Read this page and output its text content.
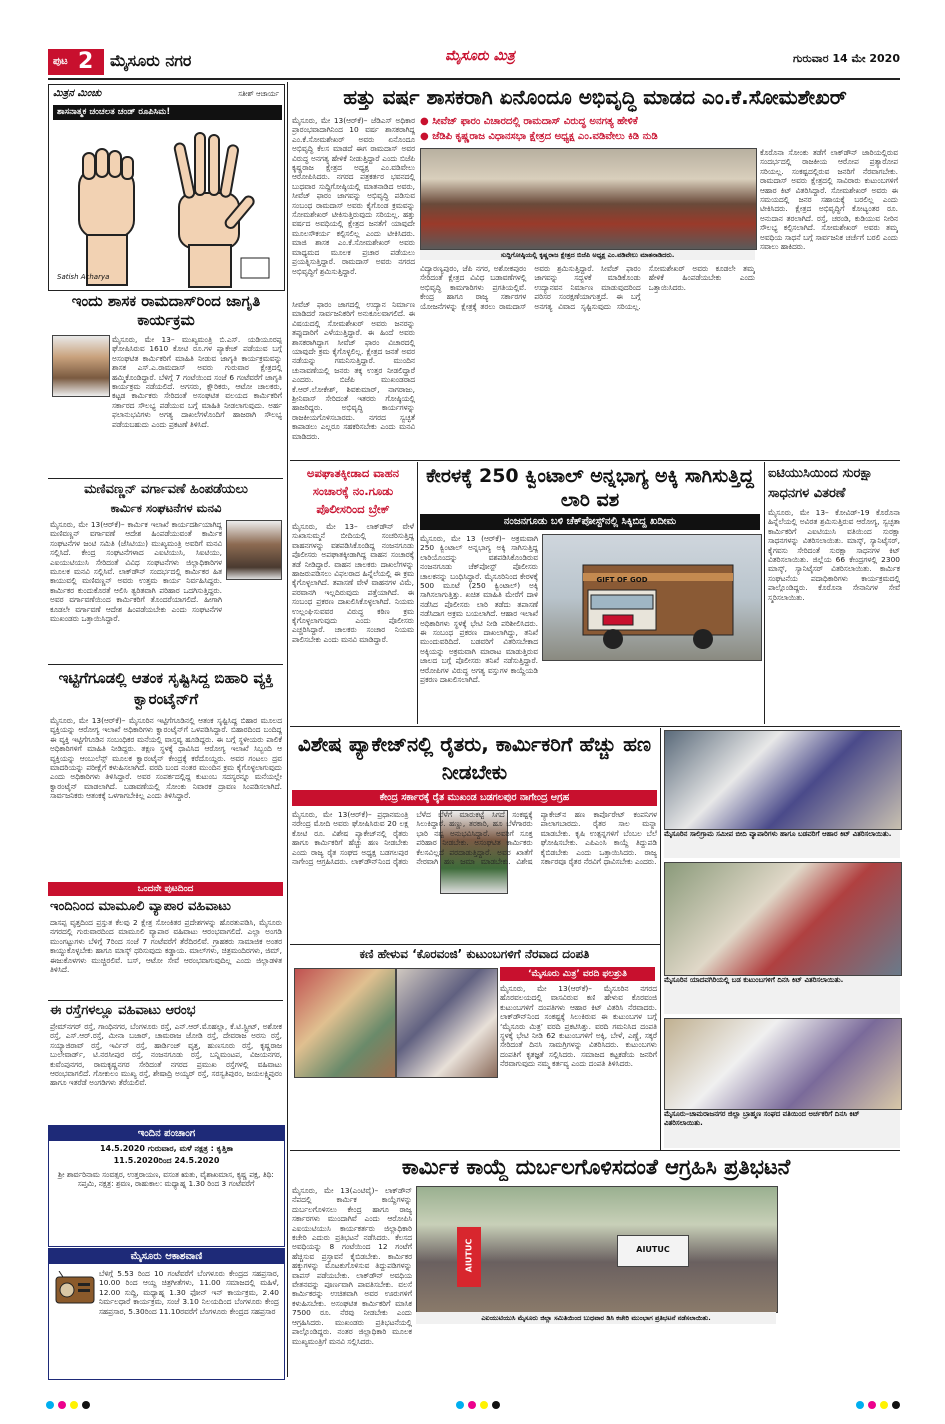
ಪುಟ 2 ಮೈಸೂರು ನಗರ	ಮೈಸೂರು ಮಿತ್ರ	ಗುರುವಾರ 14 ಮೇ 2020
ಮಿತ್ರನ ಮಿಂಚು	ಸತೀಶ್ ಆಚಾರ್ಯ
ಶಾಸನಾತ್ಮಕ ಚಂಚಲತ ಚಂಡ್ ರೂಪಿಸಿಮ!
Satish Acharya
ಇಂದು ಶಾಸಕ ರಾಮದಾಸ್‌ರಿಂದ ಜಾಗೃತಿ ಕಾರ್ಯಕ್ರಮ
ಮೈಸೂರು, ಮೇ 13– ಮುಖ್ಯಮಂತ್ರಿ ಬಿ.ಎಸ್. ಯಡಿಯೂರಪ್ಪ ಘೋಷಿಸಿರುವ 1610 ಕೋಟಿ ರೂ.ಗಳ ಪ್ಯಾಕೇಜ್ ಪಡೆಯುವ ಬಗ್ಗೆ ಅಸಂಘಟಿತ ಕಾರ್ಮಿಕರಿಗೆ ಮಾಹಿತಿ ನೀಡುವ ಜಾಗೃತಿ ಕಾರ್ಯಕ್ರಮವನ್ನು ಶಾಸಕ ಎಸ್.ಎ.ರಾಮದಾಸ್ ಅವರು ಗುರುವಾರ ಕ್ಷೇತ್ರದಲ್ಲಿ ಹಮ್ಮಿಕೊಂಡಿದ್ದಾರೆ. ಬೆಳಿಗ್ಗೆ 7 ಗಂಟೆಯಿಂದ ಸಂಜೆ 6 ಗಂಟೆವರೆಗೆ ಜಾಗೃತಿ ಕಾರ್ಯಕ್ರಮ ನಡೆಯಲಿದೆ. ಅಗಸರು, ಕ್ಷೌರಿಕರು, ಆಟೋ ಚಾಲಕರು, ಕಟ್ಟಡ ಕಾರ್ಮಿಕರು ಸೇರಿದಂತೆ ಅಸಂಘಟಿತ ವಲಯದ ಕಾರ್ಮಿಕರಿಗೆ ಸರ್ಕಾರದ ಸೌಲಭ್ಯ ಪಡೆಯುವ ಬಗ್ಗೆ ಮಾಹಿತಿ ನೀಡಲಾಗುವುದು. ಅರ್ಹ ಫಲಾನುಭವಿಗಳು ಅಗತ್ಯ ದಾಖಲೆಗಳೊಂದಿಗೆ ಹಾಜರಾಗಿ ಸೌಲಭ್ಯ ಪಡೆಯಬಹುದು ಎಂದು ಪ್ರಕಟಣೆ ತಿಳಿಸಿದೆ.
ಮಣಿವಣ್ಣನ್ ವರ್ಗಾವಣೆ ಹಿಂಪಡೆಯಲು
ಕಾರ್ಮಿಕ ಸಂಘಟನೆಗಳ ಮನವಿ
ಮೈಸೂರು, ಮೇ 13(ಆರ್‌ಕೆ)– ಕಾರ್ಮಿಕ ಇಲಾಖೆ ಕಾರ್ಯದರ್ಶಿಯಾಗಿದ್ದ ಮಣಿವಣ್ಣನ್ ವರ್ಗಾವಣೆ ಆದೇಶ ಹಿಂಪಡೆಯುವಂತೆ ಕಾರ್ಮಿಕ ಸಂಘಟನೆಗಳ ಜಂಟಿ ಸಮಿತಿ (ಜೆಸಿಟಿಯು) ಮುಖ್ಯಮಂತ್ರಿ ಅವರಿಗೆ ಮನವಿ ಸಲ್ಲಿಸಿದೆ. ಕೇಂದ್ರ ಸಂಘಟನೆಗಳಾದ ಎಐಟಿಯುಸಿ, ಸಿಐಟಿಯು, ಎಐಯುಟಿಯುಸಿ ಸೇರಿದಂತೆ ವಿವಿಧ ಸಂಘಟನೆಗಳು ಜಿಲ್ಲಾಧಿಕಾರಿಗಳ ಮೂಲಕ ಮನವಿ ಸಲ್ಲಿಸಿವೆ. ಲಾಕ್‌ಡೌನ್ ಸಂದರ್ಭದಲ್ಲಿ ಕಾರ್ಮಿಕರ ಹಿತ ಕಾಯುವಲ್ಲಿ ಮಣಿವಣ್ಣನ್ ಅವರು ಉತ್ತಮ ಕಾರ್ಯ ನಿರ್ವಹಿಸಿದ್ದರು. ಕಾರ್ಮಿಕರ ಕುಂದುಕೊರತೆ ಆಲಿಸಿ ತ್ವರಿತವಾಗಿ ಪರಿಹಾರ ಒದಗಿಸುತ್ತಿದ್ದರು. ಅವರ ವರ್ಗಾವಣೆಯಿಂದ ಕಾರ್ಮಿಕರಿಗೆ ತೊಂದರೆಯಾಗಲಿದೆ. ಹೀಗಾಗಿ ಕೂಡಲೇ ವರ್ಗಾವಣೆ ಆದೇಶ ಹಿಂಪಡೆಯಬೇಕು ಎಂದು ಸಂಘಟನೆಗಳ ಮುಖಂಡರು ಒತ್ತಾಯಿಸಿದ್ದಾರೆ.
ಇಟ್ಟಿಗೆಗೂಡಲ್ಲಿ ಆತಂಕ ಸೃಷ್ಟಿಸಿದ್ದ ಬಿಹಾರಿ ವ್ಯಕ್ತಿ ಕ್ವಾರಂಟೈನ್‌ಗೆ
ಮೈಸೂರು, ಮೇ 13(ಆರ್‌ಕೆ)– ಮೈಸೂರಿನ ಇಟ್ಟಿಗೆಗೂಡಿನಲ್ಲಿ ಆತಂಕ ಸೃಷ್ಟಿಸಿದ್ದ ಬಿಹಾರ ಮೂಲದ ವ್ಯಕ್ತಿಯನ್ನು ಆರೋಗ್ಯ ಇಲಾಖೆ ಅಧಿಕಾರಿಗಳು ಕ್ವಾರಂಟೈನ್‌ಗೆ ಒಳಪಡಿಸಿದ್ದಾರೆ. ಬಿಹಾರದಿಂದ ಬಂದಿದ್ದ ಈ ವ್ಯಕ್ತಿ ಇಟ್ಟಿಗೆಗೂಡಿನ ಸಂಬಂಧಿಕರ ಮನೆಯಲ್ಲಿ ವಾಸ್ತವ್ಯ ಹೂಡಿದ್ದರು. ಈ ಬಗ್ಗೆ ಸ್ಥಳೀಯರು ಪಾಲಿಕೆ ಅಧಿಕಾರಿಗಳಿಗೆ ಮಾಹಿತಿ ನೀಡಿದ್ದರು. ತಕ್ಷಣ ಸ್ಥಳಕ್ಕೆ ಧಾವಿಸಿದ ಆರೋಗ್ಯ ಇಲಾಖೆ ಸಿಬ್ಬಂದಿ ಆ ವ್ಯಕ್ತಿಯನ್ನು ಆಂಬುಲೆನ್ಸ್ ಮೂಲಕ ಕ್ವಾರಂಟೈನ್ ಕೇಂದ್ರಕ್ಕೆ ಕರೆದೊಯ್ದರು. ಅವರ ಗಂಟಲು ದ್ರವ ಮಾದರಿಯನ್ನು ಪರೀಕ್ಷೆಗೆ ಕಳುಹಿಸಲಾಗಿದೆ. ವರದಿ ಬಂದ ನಂತರ ಮುಂದಿನ ಕ್ರಮ ಕೈಗೊಳ್ಳಲಾಗುವುದು ಎಂದು ಅಧಿಕಾರಿಗಳು ತಿಳಿಸಿದ್ದಾರೆ. ಅವರ ಸಂಪರ್ಕದಲ್ಲಿದ್ದ ಕುಟುಂಬ ಸದಸ್ಯರನ್ನೂ ಮನೆಯಲ್ಲೇ ಕ್ವಾರಂಟೈನ್ ಮಾಡಲಾಗಿದೆ. ಬಡಾವಣೆಯಲ್ಲಿ ಸೋಂಕು ನಿವಾರಕ ದ್ರಾವಣ ಸಿಂಪಡಿಸಲಾಗಿದೆ. ಸಾರ್ವಜನಿಕರು ಆತಂಕಕ್ಕೆ ಒಳಗಾಗಬೇಕಿಲ್ಲ ಎಂದು ತಿಳಿಸಿದ್ದಾರೆ.
ಒಂದನೇ ಪುಟದಿಂದ
ಇಂದಿನಿಂದ ಮಾಮೂಲಿ ವ್ಯಾಪಾರ ವಹಿವಾಟು
ದಾಸಪ್ಪ ವೃತ್ತದಿಂದ ಪ್ರಸ್ತುತ ಕೆಲವು 2 ಕ್ಷೇತ್ರ ಸೋಂಕಿತರ ಪ್ರದೇಶಗಳನ್ನು ಹೊರತುಪಡಿಸಿ, ಮೈಸೂರು ನಗರದಲ್ಲಿ ಗುರುವಾರದಿಂದ ಮಾಮೂಲಿ ವ್ಯಾಪಾರ ವಹಿವಾಟು ಆರಂಭವಾಗಲಿದೆ. ಎಲ್ಲಾ ಅಂಗಡಿ ಮುಂಗಟ್ಟುಗಳು ಬೆಳಿಗ್ಗೆ 7ರಿಂದ ಸಂಜೆ 7 ಗಂಟೆವರೆಗೆ ತೆರೆದಿರಲಿವೆ. ಗ್ರಾಹಕರು ಸಾಮಾಜಿಕ ಅಂತರ ಕಾಯ್ದುಕೊಳ್ಳಬೇಕು ಹಾಗೂ ಮಾಸ್ಕ್ ಧರಿಸುವುದು ಕಡ್ಡಾಯ. ಮಾಲ್‌ಗಳು, ಚಿತ್ರಮಂದಿರಗಳು, ಜಿಮ್, ಈಜುಕೊಳಗಳು ಮುಚ್ಚಿರಲಿವೆ. ಬಸ್, ಆಟೋ ಸೇವೆ ಆರಂಭವಾಗುವುದಿಲ್ಲ ಎಂದು ಜಿಲ್ಲಾಡಳಿತ ತಿಳಿಸಿದೆ.
ಈ ರಸ್ತೆಗಳಲ್ಲೂ ವಹಿವಾಟು ಆರಂಭ
ಪ್ರೇಮ್‌ನಗರ್ ರಸ್ತೆ, ಗಾಂಧಿನಗರ, ಬೆಂಗಳೂರು ರಸ್ತೆ, ಎನ್.ಆರ್.ಮೊಹಲ್ಲಾ, ಕೆ.ಟಿ.ಸ್ಟ್ರೀಟ್, ಅಶೋಕ ರಸ್ತೆ, ಎಸ್.ಆರ್.ರಸ್ತೆ, ಮೀನಾ ಬಜಾರ್, ಚಾಮರಾಜ ಜೋಡಿ ರಸ್ತೆ, ದೇವರಾಜ ಅರಸು ರಸ್ತೆ, ಸಯ್ಯಾಜಿರಾವ್ ರಸ್ತೆ, ಇರ್ವಿನ್ ರಸ್ತೆ, ಹಾರ್ಡಿಂಜ್ ವೃತ್ತ, ಹುಣಸೂರು ರಸ್ತೆ, ಕೃಷ್ಣರಾಜ ಬುಲೇವಾರ್ಡ್, ಟಿ.ನರಸೀಪುರ ರಸ್ತೆ, ನಂಜನಗೂಡು ರಸ್ತೆ, ಬನ್ನಿಮಂಟಪ, ವಿಜಯನಗರ, ಕುವೆಂಪುನಗರ, ರಾಮಕೃಷ್ಣನಗರ ಸೇರಿದಂತೆ ನಗರದ ಪ್ರಮುಖ ರಸ್ತೆಗಳಲ್ಲಿ ವಹಿವಾಟು ಆರಂಭವಾಗಲಿದೆ. ಗೋಕುಲಂ ಮುಖ್ಯ ರಸ್ತೆ, ಶೇಷಾದ್ರಿ ಅಯ್ಯರ್ ರಸ್ತೆ, ಸರಸ್ವತಿಪುರಂ, ಜಯಲಕ್ಷ್ಮಿಪುರಂ ಹಾಗೂ ಇತರೆಡೆ ಅಂಗಡಿಗಳು ತೆರೆಯಲಿವೆ.
ಇಂದಿನ ಪಂಚಾಂಗ
14.5.2020 ಗುರುವಾರ, ಮಳೆ ನಕ್ಷತ್ರ : ಕೃತ್ತಿಕಾ
11.5.2020ರಿಂದ 24.5.2020
ಶ್ರೀ ಶಾರ್ವರಿನಾಮ ಸಂವತ್ಸರ, ಉತ್ತರಾಯಣ, ವಸಂತ ಋತು, ವೈಶಾಖಮಾಸ, ಕೃಷ್ಣ ಪಕ್ಷ, ತಿಥಿ: ಸಪ್ತಮಿ, ನಕ್ಷತ್ರ: ಶ್ರವಣ, ರಾಹುಕಾಲ: ಮಧ್ಯಾಹ್ನ 1.30 ರಿಂದ 3 ಗಂಟೆವರೆಗೆ
ಮೈಸೂರು ಆಕಾಶವಾಣಿ
ಬೆಳಿಗ್ಗೆ 5.53 ರಿಂದ 10 ಗಂಟೆವರೆಗೆ ಬೆಂಗಳೂರು ಕೇಂದ್ರದ ಸಹಪ್ರಸಾರ, 10.00 ರಿಂದ ಆಯ್ದ ಚಿತ್ರಗೀತೆಗಳು, 11.00 ಸಮಾಜದಲ್ಲಿ ಮಹಿಳೆ, 12.00 ಸುದ್ದಿ, ಮಧ್ಯಾಹ್ನ 1.30 ಫೋನ್ ಇನ್ ಕಾರ್ಯಕ್ರಮ, 2.40 ನಿರ್ಮಲಧಾರೆ ಕಾರ್ಯಕ್ರಮ, ಸಂಜೆ 3.10 ನಿಲಯದಿಂದ ಬೆಂಗಳೂರು ಕೇಂದ್ರ ಸಹಪ್ರಸಾರ, 5.30ರಿಂದ 11.10ರವರೆಗೆ ಬೆಂಗಳೂರು ಕೇಂದ್ರದ ಸಹಪ್ರಸಾರ
ಹತ್ತು ವರ್ಷ ಶಾಸಕರಾಗಿ ಏನೊಂದೂ ಅಭಿವೃದ್ಧಿ ಮಾಡದ ಎಂ.ಕೆ.ಸೋಮಶೇಖರ್
● ಸೀವೆಜ್ ಫಾರಂ ವಿಚಾರದಲ್ಲಿ ರಾಮದಾಸ್ ವಿರುದ್ಧ ಅನಗತ್ಯ ಹೇಳಿಕೆ
● ಜೆಡಿಪಿ ಕೃಷ್ಣರಾಜ ವಿಧಾನಸಭಾ ಕ್ಷೇತ್ರದ ಅಧ್ಯಕ್ಷ ಎಂ.ವಡಿವೇಲು ಕಿಡಿ ನುಡಿ
ಮೈಸೂರು, ಮೇ 13(ಆರ್‌ಕೆ)– ಜೆಡಿಎಸ್ ಅಧಿಕಾರ ಪ್ರಾರಂಭವಾದಾಗಿನಿಂದ 10 ವರ್ಷ ಶಾಸಕರಾಗಿದ್ದ ಎಂ.ಕೆ.ಸೋಮಶೇಖರ್ ಅವರು ಏನೊಂದೂ ಅಭಿವೃದ್ಧಿ ಕೆಲಸ ಮಾಡದೆ ಈಗ ರಾಮದಾಸ್ ಅವರ ವಿರುದ್ಧ ಅನಗತ್ಯ ಹೇಳಿಕೆ ನೀಡುತ್ತಿದ್ದಾರೆ ಎಂದು ಬಿಜೆಪಿ ಕೃಷ್ಣರಾಜ ಕ್ಷೇತ್ರದ ಅಧ್ಯಕ್ಷ ಎಂ.ವಡಿವೇಲು ಆರೋಪಿಸಿದರು. ನಗರದ ಪತ್ರಕರ್ತರ ಭವನದಲ್ಲಿ ಬುಧವಾರ ಸುದ್ದಿಗೋಷ್ಠಿಯಲ್ಲಿ ಮಾತನಾಡಿದ ಅವರು, ಸೀವೆಜ್ ಫಾರಂ ಜಾಗವನ್ನು ಅಭಿವೃದ್ಧಿ ಪಡಿಸುವ ಸಂಬಂಧ ರಾಮದಾಸ್ ಅವರು ಕೈಗೊಂಡ ಕ್ರಮವನ್ನು ಸೋಮಶೇಖರ್ ಟೀಕಿಸುತ್ತಿರುವುದು ಸರಿಯಲ್ಲ. ಹತ್ತು ವರ್ಷದ ಅವಧಿಯಲ್ಲಿ ಕ್ಷೇತ್ರದ ಜನತೆಗೆ ಯಾವುದೇ ಮೂಲಸೌಕರ್ಯ ಕಲ್ಪಿಸಲಿಲ್ಲ ಎಂದು ಟೀಕಿಸಿದರು. ಮಾಜಿ ಶಾಸಕ ಎಂ.ಕೆ.ಸೋಮಶೇಖರ್ ಅವರು ಮಾಧ್ಯಮದ ಮೂಲಕ ಪ್ರಚಾರ ಪಡೆಯಲು ಪ್ರಯತ್ನಿಸುತ್ತಿದ್ದಾರೆ. ರಾಮದಾಸ್ ಅವರು ನಗರದ ಅಭಿವೃದ್ಧಿಗೆ ಶ್ರಮಿಸುತ್ತಿದ್ದಾರೆ.
ಕೊರೊನಾ ಸೋಂಕು ತಡೆಗೆ ಲಾಕ್‌ಡೌನ್ ಜಾರಿಯಲ್ಲಿರುವ ಸಂದರ್ಭದಲ್ಲಿ ರಾಜಕೀಯ ಆರೋಪ ಪ್ರತ್ಯಾರೋಪ ಸರಿಯಲ್ಲ. ಸಂಕಷ್ಟದಲ್ಲಿರುವ ಜನರಿಗೆ ನೆರವಾಗಬೇಕು. ರಾಮದಾಸ್ ಅವರು ಕ್ಷೇತ್ರದಲ್ಲಿ ಸಾವಿರಾರು ಕುಟುಂಬಗಳಿಗೆ ಆಹಾರ ಕಿಟ್ ವಿತರಿಸಿದ್ದಾರೆ. ಸೋಮಶೇಖರ್ ಅವರು ಈ ಸಮಯದಲ್ಲಿ ಜನರ ಸಹಾಯಕ್ಕೆ ಬರಲಿಲ್ಲ ಎಂದು ಟೀಕಿಸಿದರು. ಕ್ಷೇತ್ರದ ಅಭಿವೃದ್ಧಿಗೆ ಕೋಟ್ಯಂತರ ರೂ. ಅನುದಾನ ತರಲಾಗಿದೆ. ರಸ್ತೆ, ಚರಂಡಿ, ಕುಡಿಯುವ ನೀರಿನ ಸೌಲಭ್ಯ ಕಲ್ಪಿಸಲಾಗಿದೆ. ಸೋಮಶೇಖರ್ ಅವರು ತಮ್ಮ ಅವಧಿಯ ಸಾಧನೆ ಬಗ್ಗೆ ಸಾರ್ವಜನಿಕ ಚರ್ಚೆಗೆ ಬರಲಿ ಎಂದು ಸವಾಲು ಹಾಕಿದರು.
ಸುದ್ದಿಗೋಷ್ಠಿಯಲ್ಲಿ ಕೃಷ್ಣರಾಜ ಕ್ಷೇತ್ರದ ಬಿಜೆಪಿ ಅಧ್ಯಕ್ಷ ಎಂ.ವಡಿವೇಲು ಮಾತನಾಡಿದರು.
ಸೀವೆಜ್ ಫಾರಂ ಜಾಗದಲ್ಲಿ ಉದ್ಯಾನ ನಿರ್ಮಾಣ ಮಾಡಿದರೆ ಸಾರ್ವಜನಿಕರಿಗೆ ಅನುಕೂಲವಾಗಲಿದೆ. ಈ ವಿಷಯದಲ್ಲಿ ಸೋಮಶೇಖರ್ ಅವರು ಜನರನ್ನು ತಪ್ಪುದಾರಿಗೆ ಎಳೆಯುತ್ತಿದ್ದಾರೆ. ಈ ಹಿಂದೆ ಅವರು ಶಾಸಕರಾಗಿದ್ದಾಗ ಸೀವೆಜ್ ಫಾರಂ ವಿಚಾರದಲ್ಲಿ ಯಾವುದೇ ಕ್ರಮ ಕೈಗೊಳ್ಳಲಿಲ್ಲ. ಕ್ಷೇತ್ರದ ಜನತೆ ಅವರ ನಡೆಯನ್ನು ಗಮನಿಸುತ್ತಿದ್ದಾರೆ. ಮುಂದಿನ ಚುನಾವಣೆಯಲ್ಲಿ ಜನರು ತಕ್ಕ ಉತ್ತರ ನೀಡಲಿದ್ದಾರೆ ಎಂದರು. ಬಿಜೆಪಿ ಮುಖಂಡರಾದ ಕೆ.ಆರ್.ಲೋಕೇಶ್, ಶಿವಕುಮಾರ್, ನಾಗರಾಜು, ಶ್ರೀನಿವಾಸ್ ಸೇರಿದಂತೆ ಇತರರು ಗೋಷ್ಠಿಯಲ್ಲಿ ಹಾಜರಿದ್ದರು. ಅಭಿವೃದ್ಧಿ ಕಾರ್ಯಗಳನ್ನು ರಾಜಕೀಯಗೊಳಿಸಬಾರದು. ನಗರದ ಸ್ವಚ್ಛತೆ ಕಾಪಾಡಲು ಎಲ್ಲರೂ ಸಹಕರಿಸಬೇಕು ಎಂದು ಮನವಿ ಮಾಡಿದರು.
ವಿದ್ಯಾರಣ್ಯಪುರಂ, ಜೆಪಿ ನಗರ, ಅಶೋಕಪುರಂ ಸೇರಿದಂತೆ ಕ್ಷೇತ್ರದ ವಿವಿಧ ಬಡಾವಣೆಗಳಲ್ಲಿ ಅಭಿವೃದ್ಧಿ ಕಾಮಗಾರಿಗಳು ಪ್ರಗತಿಯಲ್ಲಿವೆ. ಕೇಂದ್ರ ಹಾಗೂ ರಾಜ್ಯ ಸರ್ಕಾರಗಳ ಯೋಜನೆಗಳನ್ನು ಕ್ಷೇತ್ರಕ್ಕೆ ತರಲು ರಾಮದಾಸ್ ಅವರು ಶ್ರಮಿಸುತ್ತಿದ್ದಾರೆ. ಸೀವೆಜ್ ಫಾರಂ ಜಾಗವನ್ನು ಸದ್ಬಳಕೆ ಮಾಡಿಕೊಂಡು ಉದ್ಯಾನವನ ನಿರ್ಮಾಣ ಮಾಡುವುದರಿಂದ ಪರಿಸರ ಸಂರಕ್ಷಣೆಯಾಗುತ್ತದೆ. ಈ ಬಗ್ಗೆ ಅನಗತ್ಯ ವಿವಾದ ಸೃಷ್ಟಿಸುವುದು ಸರಿಯಲ್ಲ. ಸೋಮಶೇಖರ್ ಅವರು ಕೂಡಲೇ ತಮ್ಮ ಹೇಳಿಕೆ ಹಿಂಪಡೆಯಬೇಕು ಎಂದು ಒತ್ತಾಯಿಸಿದರು.
ಅಪಘಾತಕ್ಕೀಡಾದ ವಾಹನ ಸಂಚಾರಕ್ಕೆ ನಂ.ಗೂಡು ಪೊಲೀಸರಿಂದ ಬ್ರೇಕ್
ಮೈಸೂರು, ಮೇ 13– ಲಾಕ್‌ಡೌನ್ ವೇಳೆ ಸುಖಾಸುಮ್ಮನೆ ಬೀದಿಯಲ್ಲಿ ಸಂಚರಿಸುತ್ತಿದ್ದ ವಾಹನಗಳನ್ನು ವಶಪಡಿಸಿಕೊಂಡಿದ್ದ ನಂಜನಗೂಡು ಪೊಲೀಸರು ಅಪಘಾತಕ್ಕೀಡಾಗಿದ್ದ ವಾಹನ ಸಂಚಾರಕ್ಕೆ ತಡೆ ನೀಡಿದ್ದಾರೆ. ವಾಹನ ಚಾಲಕರು ದಾಖಲೆಗಳನ್ನು ಹಾಜರುಪಡಿಸಲು ವಿಫಲರಾದ ಹಿನ್ನೆಲೆಯಲ್ಲಿ ಈ ಕ್ರಮ ಕೈಗೊಳ್ಳಲಾಗಿದೆ. ತಪಾಸಣೆ ವೇಳೆ ವಾಹನಗಳ ವಿಮೆ, ಪರವಾನಗಿ ಇಲ್ಲದಿರುವುದು ಪತ್ತೆಯಾಗಿದೆ. ಈ ಸಂಬಂಧ ಪ್ರಕರಣ ದಾಖಲಿಸಿಕೊಳ್ಳಲಾಗಿದೆ. ನಿಯಮ ಉಲ್ಲಂಘಿಸುವವರ ವಿರುದ್ಧ ಕಠಿಣ ಕ್ರಮ ಕೈಗೊಳ್ಳಲಾಗುವುದು ಎಂದು ಪೊಲೀಸರು ಎಚ್ಚರಿಸಿದ್ದಾರೆ. ಚಾಲಕರು ಸಂಚಾರ ನಿಯಮ ಪಾಲಿಸಬೇಕು ಎಂದು ಮನವಿ ಮಾಡಿದ್ದಾರೆ.
ಕೇರಳಕ್ಕೆ 250 ಕ್ವಿಂಟಾಲ್ ಅನ್ನಭಾಗ್ಯ ಅಕ್ಕಿ ಸಾಗಿಸುತ್ತಿದ್ದ ಲಾರಿ ವಶ
ನಂಜನಗೂಡು ಬಳಿ ಚೆಕ್‌ಪೋಸ್ಟ್‌ನಲ್ಲಿ ಸಿಕ್ಕಿಬಿದ್ದ ಖದೀಮ
ಮೈಸೂರು, ಮೇ 13 (ಆರ್‌ಕೆ)– ಅಕ್ರಮವಾಗಿ 250 ಕ್ವಿಂಟಾಲ್ ಅನ್ನಭಾಗ್ಯ ಅಕ್ಕಿ ಸಾಗಿಸುತ್ತಿದ್ದ ಲಾರಿಯೊಂದನ್ನು ವಶಪಡಿಸಿಕೊಂಡಿರುವ ನಂಜನಗೂಡು ಚೆಕ್‌ಪೋಸ್ಟ್ ಪೊಲೀಸರು ಚಾಲಕನನ್ನು ಬಂಧಿಸಿದ್ದಾರೆ. ಮೈಸೂರಿನಿಂದ ಕೇರಳಕ್ಕೆ 500 ಮೂಟೆ (250 ಕ್ವಿಂಟಾಲ್) ಅಕ್ಕಿ ಸಾಗಿಸಲಾಗುತ್ತಿತ್ತು. ಖಚಿತ ಮಾಹಿತಿ ಮೇರೆಗೆ ದಾಳಿ ನಡೆಸಿದ ಪೊಲೀಸರು ಲಾರಿ ತಡೆದು ತಪಾಸಣೆ ನಡೆಸಿದಾಗ ಅಕ್ರಮ ಬಯಲಾಗಿದೆ. ಆಹಾರ ಇಲಾಖೆ ಅಧಿಕಾರಿಗಳು ಸ್ಥಳಕ್ಕೆ ಭೇಟಿ ನೀಡಿ ಪರಿಶೀಲಿಸಿದರು. ಈ ಸಂಬಂಧ ಪ್ರಕರಣ ದಾಖಲಾಗಿದ್ದು, ತನಿಖೆ ಮುಂದುವರಿದಿದೆ. ಬಡವರಿಗೆ ವಿತರಿಸಬೇಕಾದ ಅಕ್ಕಿಯನ್ನು ಅಕ್ರಮವಾಗಿ ಮಾರಾಟ ಮಾಡುತ್ತಿರುವ ಜಾಲದ ಬಗ್ಗೆ ಪೊಲೀಸರು ತನಿಖೆ ನಡೆಸುತ್ತಿದ್ದಾರೆ. ಆರೋಪಿಗಳ ವಿರುದ್ಧ ಅಗತ್ಯ ವಸ್ತುಗಳ ಕಾಯ್ದೆಯಡಿ ಪ್ರಕರಣ ದಾಖಲಿಸಲಾಗಿದೆ.
GIFT OF GOD
ಐಟಿಯುಸಿಯಿಂದ ಸುರಕ್ಷಾ ಸಾಧನಗಳ ವಿತರಣೆ
ಮೈಸೂರು, ಮೇ 13– ಕೋವಿಡ್-19 ಕೊರೊನಾ ಹಿನ್ನೆಲೆಯಲ್ಲಿ ಅವಿರತ ಶ್ರಮಿಸುತ್ತಿರುವ ಆರೋಗ್ಯ, ಸ್ವಚ್ಛತಾ ಕಾರ್ಮಿಕರಿಗೆ ಎಐಟಿಯುಸಿ ವತಿಯಿಂದ ಸುರಕ್ಷಾ ಸಾಧನಗಳನ್ನು ವಿತರಿಸಲಾಯಿತು. ಮಾಸ್ಕ್, ಸ್ಯಾನಿಟೈಸರ್, ಕೈಗವಸು ಸೇರಿದಂತೆ ಸುರಕ್ಷಾ ಸಾಧನಗಳ ಕಿಟ್ ವಿತರಿಸಲಾಯಿತು. ಜಿಲ್ಲೆಯ 66 ಕೇಂದ್ರಗಳಲ್ಲಿ 2300 ಮಾಸ್ಕ್, ಸ್ಯಾನಿಟೈಸರ್ ವಿತರಿಸಲಾಯಿತು. ಕಾರ್ಮಿಕ ಸಂಘಟನೆಯ ಪದಾಧಿಕಾರಿಗಳು ಕಾರ್ಯಕ್ರಮದಲ್ಲಿ ಪಾಲ್ಗೊಂಡಿದ್ದರು. ಕೊರೊನಾ ಸೇನಾನಿಗಳ ಸೇವೆ ಸ್ಮರಿಸಲಾಯಿತು.
ವಿಶೇಷ ಪ್ಯಾಕೇಜ್‌ನಲ್ಲಿ ರೈತರು, ಕಾರ್ಮಿಕರಿಗೆ ಹೆಚ್ಚು ಹಣ ನೀಡಬೇಕು
ಕೇಂದ್ರ ಸರ್ಕಾರಕ್ಕೆ ರೈತ ಮುಖಂಡ ಬಡಗಲಪುರ ನಾಗೇಂದ್ರ ಆಗ್ರಹ
ಮೈಸೂರು, ಮೇ 13(ಆರ್‌ಕೆ)– ಪ್ರಧಾನಮಂತ್ರಿ ನರೇಂದ್ರ ಮೋದಿ ಅವರು ಘೋಷಿಸಿರುವ 20 ಲಕ್ಷ ಕೋಟಿ ರೂ. ವಿಶೇಷ ಪ್ಯಾಕೇಜ್‌ನಲ್ಲಿ ರೈತರು ಹಾಗೂ ಕಾರ್ಮಿಕರಿಗೆ ಹೆಚ್ಚು ಹಣ ನೀಡಬೇಕು ಎಂದು ರಾಜ್ಯ ರೈತ ಸಂಘದ ಅಧ್ಯಕ್ಷ ಬಡಗಲಪುರ ನಾಗೇಂದ್ರ ಆಗ್ರಹಿಸಿದರು. ಲಾಕ್‌ಡೌನ್‌ನಿಂದ ರೈತರು ಬೆಳೆದ ಬೆಳೆಗೆ ಮಾರುಕಟ್ಟೆ ಸಿಗದೆ ಸಂಕಷ್ಟಕ್ಕೆ ಸಿಲುಕಿದ್ದಾರೆ. ಹಣ್ಣು, ತರಕಾರಿ, ಹೂ ಬೆಳೆಗಾರರು ಭಾರಿ ನಷ್ಟ ಅನುಭವಿಸಿದ್ದಾರೆ. ಅವರಿಗೆ ಸೂಕ್ತ ಪರಿಹಾರ ನೀಡಬೇಕು. ಅಸಂಘಟಿತ ಕಾರ್ಮಿಕರು ಕೆಲಸವಿಲ್ಲದೆ ಪರದಾಡುತ್ತಿದ್ದಾರೆ. ಅವರ ಖಾತೆಗೆ ನೇರವಾಗಿ ಹಣ ಜಮಾ ಮಾಡಬೇಕು. ವಿಶೇಷ ಪ್ಯಾಕೇಜ್‌ನ ಹಣ ಕಾರ್ಪೊರೇಟ್ ಕಂಪನಿಗಳ ಪಾಲಾಗಬಾರದು. ರೈತರ ಸಾಲ ಮನ್ನಾ ಮಾಡಬೇಕು. ಕೃಷಿ ಉತ್ಪನ್ನಗಳಿಗೆ ಬೆಂಬಲ ಬೆಲೆ ಘೋಷಿಸಬೇಕು. ಎಪಿಎಂಸಿ ಕಾಯ್ದೆ ತಿದ್ದುಪಡಿ ಕೈಬಿಡಬೇಕು ಎಂದು ಒತ್ತಾಯಿಸಿದರು. ರಾಜ್ಯ ಸರ್ಕಾರವೂ ರೈತರ ನೆರವಿಗೆ ಧಾವಿಸಬೇಕು ಎಂದರು.
ಕಣಿ ಹೇಳುವ ‘ಕೊರವಂಜಿ’ ಕುಟುಂಬಗಳಿಗೆ ನೆರವಾದ ದಂಪತಿ
‘ಮೈಸೂರು ಮಿತ್ರ’ ವರದಿ ಫಲಶ್ರುತಿ
ಮೈಸೂರು, ಮೇ 13(ಆರ್‌ಕೆ)– ಮೈಸೂರಿನ ನಗರದ ಹೊರವಲಯದಲ್ಲಿ ವಾಸವಿರುವ ಕಣಿ ಹೇಳುವ ಕೊರವಂಜಿ ಕುಟುಂಬಗಳಿಗೆ ದಂಪತಿಗಳು ಆಹಾರ ಕಿಟ್ ವಿತರಿಸಿ ನೆರವಾದರು. ಲಾಕ್‌ಡೌನ್‌ನಿಂದ ಸಂಕಷ್ಟಕ್ಕೆ ಸಿಲುಕಿರುವ ಈ ಕುಟುಂಬಗಳ ಬಗ್ಗೆ ‘ಮೈಸೂರು ಮಿತ್ರ’ ವರದಿ ಪ್ರಕಟಿಸಿತ್ತು. ವರದಿ ಗಮನಿಸಿದ ದಂಪತಿ ಸ್ಥಳಕ್ಕೆ ಭೇಟಿ ನೀಡಿ 62 ಕುಟುಂಬಗಳಿಗೆ ಅಕ್ಕಿ, ಬೇಳೆ, ಎಣ್ಣೆ, ಸಕ್ಕರೆ ಸೇರಿದಂತೆ ದಿನಸಿ ಸಾಮಗ್ರಿಗಳನ್ನು ವಿತರಿಸಿದರು. ಕುಟುಂಬಗಳು ದಂಪತಿಗೆ ಕೃತಜ್ಞತೆ ಸಲ್ಲಿಸಿದರು. ಸಮಾಜದ ಕಟ್ಟಕಡೆಯ ಜನರಿಗೆ ನೆರವಾಗುವುದು ನಮ್ಮ ಕರ್ತವ್ಯ ಎಂದು ದಂಪತಿ ತಿಳಿಸಿದರು.
ಮೈಸೂರಿನ ಸಾಲಿಗ್ರಾಮ ಸಮೀಪ ಬೀದಿ ವ್ಯಾಪಾರಿಗಳು ಹಾಗೂ ಬಡವರಿಗೆ ಆಹಾರ ಕಿಟ್ ವಿತರಿಸಲಾಯಿತು.
ಮೈಸೂರಿನ ಯಾದವಗಿರಿಯಲ್ಲಿ ಬಡ ಕುಟುಂಬಗಳಿಗೆ ದಿನಸಿ ಕಿಟ್ ವಿತರಿಸಲಾಯಿತು.
ಮೈಸೂರು–ಚಾಮರಾಜನಗರ ಜಿಲ್ಲಾ ಬ್ರಾಹ್ಮಣ ಸಂಘದ ವತಿಯಿಂದ ಅರ್ಚಕರಿಗೆ ದಿನಸಿ ಕಿಟ್ ವಿತರಿಸಲಾಯಿತು.
ಕಾರ್ಮಿಕ ಕಾಯ್ದೆ ದುರ್ಬಲಗೊಳಿಸದಂತೆ ಆಗ್ರಹಿಸಿ ಪ್ರತಿಭಟನೆ
ಮೈಸೂರು, ಮೇ 13(ಎಂಟಿವೈ)– ಲಾಕ್‌ಡೌನ್ ನೆಪದಲ್ಲಿ ಕಾರ್ಮಿಕ ಕಾಯ್ದೆಗಳನ್ನು ದುರ್ಬಲಗೊಳಿಸಲು ಕೇಂದ್ರ ಹಾಗೂ ರಾಜ್ಯ ಸರ್ಕಾರಗಳು ಮುಂದಾಗಿವೆ ಎಂದು ಆರೋಪಿಸಿ ಎಐಯುಟಿಯುಸಿ ಕಾರ್ಯಕರ್ತರು ಜಿಲ್ಲಾಧಿಕಾರಿ ಕಚೇರಿ ಎದುರು ಪ್ರತಿಭಟನೆ ನಡೆಸಿದರು. ಕೆಲಸದ ಅವಧಿಯನ್ನು 8 ಗಂಟೆಯಿಂದ 12 ಗಂಟೆಗೆ ಹೆಚ್ಚಿಸುವ ಪ್ರಸ್ತಾವನೆ ಕೈಬಿಡಬೇಕು. ಕಾರ್ಮಿಕರ ಹಕ್ಕುಗಳನ್ನು ಮೊಟಕುಗೊಳಿಸುವ ತಿದ್ದುಪಡಿಗಳನ್ನು ವಾಪಸ್ ಪಡೆಯಬೇಕು. ಲಾಕ್‌ಡೌನ್ ಅವಧಿಯ ವೇತನವನ್ನು ಪೂರ್ಣವಾಗಿ ಪಾವತಿಸಬೇಕು. ವಲಸೆ ಕಾರ್ಮಿಕರನ್ನು ಉಚಿತವಾಗಿ ಅವರ ಊರುಗಳಿಗೆ ಕಳುಹಿಸಬೇಕು. ಅಸಂಘಟಿತ ಕಾರ್ಮಿಕರಿಗೆ ಮಾಸಿಕ 7500 ರೂ. ನೆರವು ನೀಡಬೇಕು ಎಂದು ಆಗ್ರಹಿಸಿದರು. ಮುಖಂಡರು ಪ್ರತಿಭಟನೆಯಲ್ಲಿ ಪಾಲ್ಗೊಂಡಿದ್ದರು. ನಂತರ ಜಿಲ್ಲಾಧಿಕಾರಿ ಮೂಲಕ ಮುಖ್ಯಮಂತ್ರಿಗೆ ಮನವಿ ಸಲ್ಲಿಸಿದರು.
AIUTUC	AIUTUC
ಎಐಯುಟಿಯುಸಿ ಮೈಸೂರು ಜಿಲ್ಲಾ ಸಮಿತಿಯಿಂದ ಬುಧವಾರ ಡಿಸಿ ಕಚೇರಿ ಮುಂಭಾಗ ಪ್ರತಿಭಟನೆ ನಡೆಸಲಾಯಿತು.
